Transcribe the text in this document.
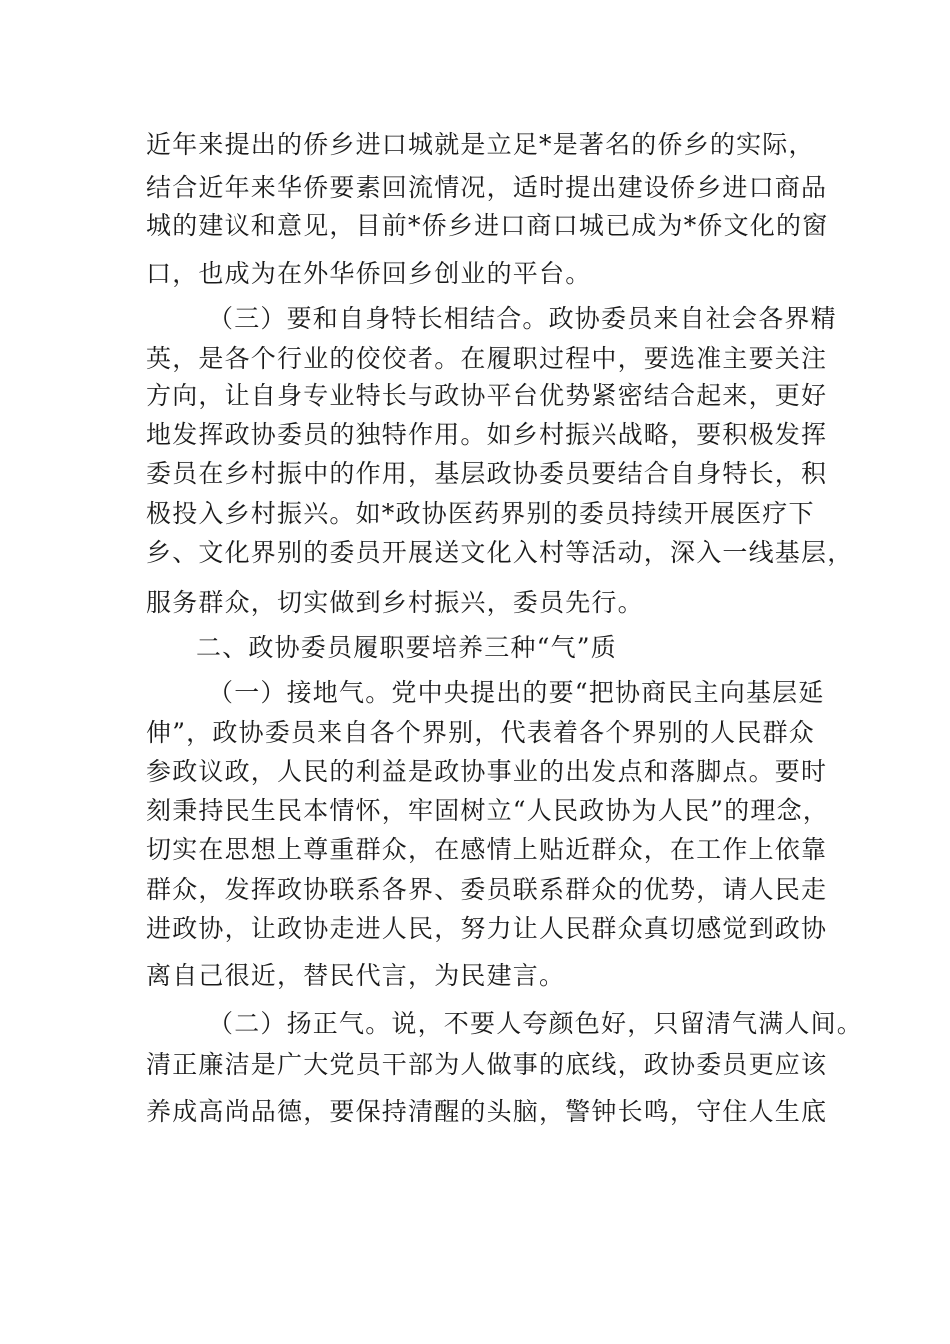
近年来提出的侨乡进口城就是立足*是著名的侨乡的实际，
结合近年来华侨要素回流情况，适时提出建设侨乡进口商品
城的建议和意见，目前*侨乡进口商口城已成为*侨文化的窗
口，也成为在外华侨回乡创业的平台。
（三）要和自身特长相结合。政协委员来自社会各界精
英，是各个行业的佼佼者。在履职过程中，要选准主要关注
方向，让自身专业特长与政协平台优势紧密结合起来，更好
地发挥政协委员的独特作用。如乡村振兴战略，要积极发挥
委员在乡村振中的作用，基层政协委员要结合自身特长，积
极投入乡村振兴。如*政协医药界别的委员持续开展医疗下
乡、文化界别的委员开展送文化入村等活动，深入一线基层，
服务群众，切实做到乡村振兴，委员先行。
二、政协委员履职要培养三种“气”质
（一）接地气。党中央提出的要“把协商民主向基层延
伸”，政协委员来自各个界别，代表着各个界别的人民群众
参政议政，人民的利益是政协事业的出发点和落脚点。要时
刻秉持民生民本情怀，牢固树立“人民政协为人民”的理念，
切实在思想上尊重群众，在感情上贴近群众，在工作上依靠
群众，发挥政协联系各界、委员联系群众的优势，请人民走
进政协，让政协走进人民，努力让人民群众真切感觉到政协
离自己很近，替民代言，为民建言。
（二）扬正气。说，不要人夸颜色好，只留清气满人间。
清正廉洁是广大党员干部为人做事的底线，政协委员更应该
养成高尚品德，要保持清醒的头脑，警钟长鸣，守住人生底
